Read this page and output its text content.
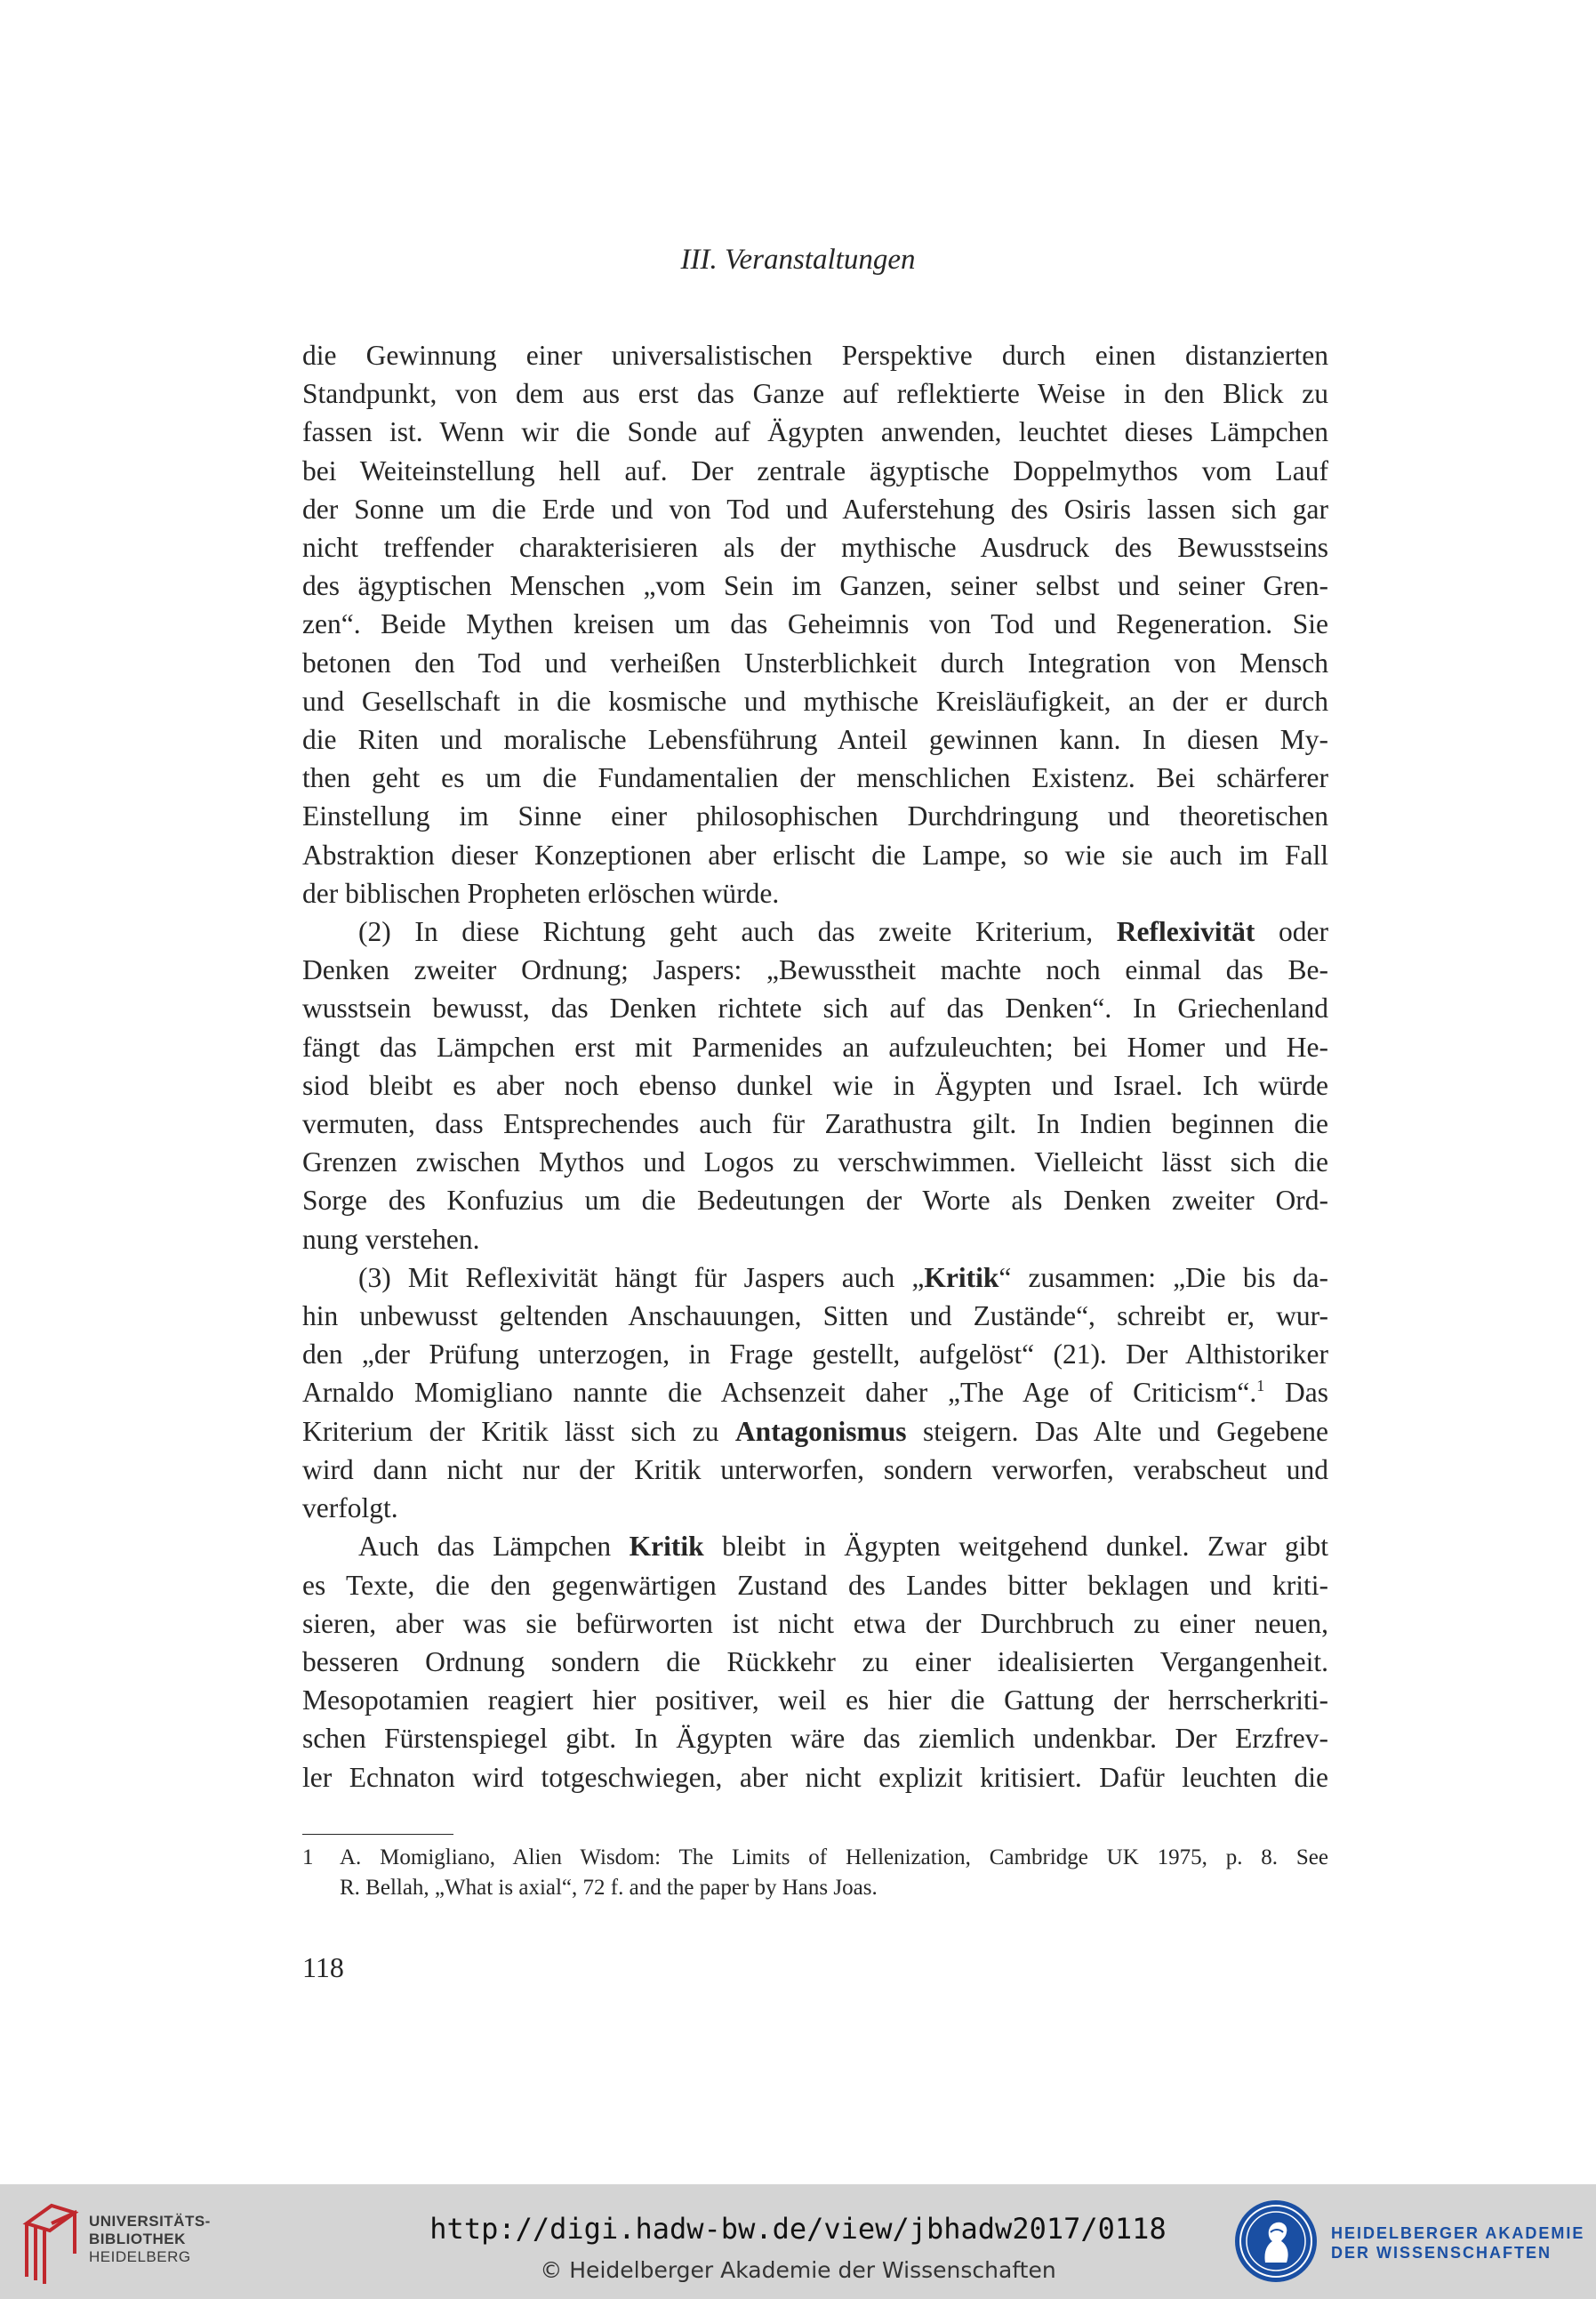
III. Veranstaltungen

die Gewinnung einer universalistischen Perspektive durch einen distanzierten

Standpunkt, von dem aus erst das Ganze auf reflektierte Weise in den Blick zu

fassen ist. Wenn wir die Sonde auf Ägypten anwenden, leuchtet dieses Lämpchen

bei Weiteinstellung hell auf. Der zentrale ägyptische Doppelmythos vom Lauf

der Sonne um die Erde und von Tod und Auferstehung des Osiris lassen sich gar

nicht treffender charakterisieren als der mythische Ausdruck des Bewusstseins

des ägyptischen Menschen „vom Sein im Ganzen, seiner selbst und seiner Gren-

zen“. Beide Mythen kreisen um das Geheimnis von Tod und Regeneration. Sie

betonen den Tod und verheißen Unsterblichkeit durch Integration von Mensch

und Gesellschaft in die kosmische und mythische Kreisläufigkeit, an der er durch

die Riten und moralische Lebensführung Anteil gewinnen kann. In diesen My-

then geht es um die Fundamentalien der menschlichen Existenz. Bei schärferer

Einstellung im Sinne einer philosophischen Durchdringung und theoretischen

Abstraktion dieser Konzeptionen aber erlischt die Lampe, so wie sie auch im Fall

der biblischen Propheten erlöschen würde.

(2) In diese Richtung geht auch das zweite Kriterium, Reflexivität oder

Denken zweiter Ordnung; Jaspers: „Bewusstheit machte noch einmal das Be-

wusstsein bewusst, das Denken richtete sich auf das Denken“. In Griechenland

fängt das Lämpchen erst mit Parmenides an aufzuleuchten; bei Homer und He-

siod bleibt es aber noch ebenso dunkel wie in Ägypten und Israel. Ich würde

vermuten, dass Entsprechendes auch für Zarathustra gilt. In Indien beginnen die

Grenzen zwischen Mythos und Logos zu verschwimmen. Vielleicht lässt sich die

Sorge des Konfuzius um die Bedeutungen der Worte als Denken zweiter Ord-

nung verstehen.

(3) Mit Reflexivität hängt für Jaspers auch „Kritik“ zusammen: „Die bis da-

hin unbewusst geltenden Anschauungen, Sitten und Zustände“, schreibt er, wur-

den „der Prüfung unterzogen, in Frage gestellt, aufgelöst“ (21). Der Althistoriker

Arnaldo Momigliano nannte die Achsenzeit daher „The Age of Criticism“.$^1$ Das

Kriterium der Kritik lässt sich zu Antagonismus steigern. Das Alte und Gegebene

wird dann nicht nur der Kritik unterworfen, sondern verworfen, verabscheut und

verfolgt.

Auch das Lämpchen Kritik bleibt in Ägypten weitgehend dunkel. Zwar gibt

es Texte, die den gegenwärtigen Zustand des Landes bitter beklagen und kriti-

sieren, aber was sie befürworten ist nicht etwa der Durchbruch zu einer neuen,

besseren Ordnung sondern die Rückkehr zu einer idealisierten Vergangenheit.

Mesopotamien reagiert hier positiver, weil es hier die Gattung der herrscherkriti-

schen Fürstenspiegel gibt. In Ägypten wäre das ziemlich undenkbar. Der Erzfrev-

ler Echnaton wird totgeschwiegen, aber nicht explizit kritisiert. Dafür leuchten die

1 A. Momigliano, Alien Wisdom: The Limits of Hellenization, Cambridge UK 1975, p. 8. See
R. Bellah, „What is axial“, 72 f. and the paper by Hans Joas.
118
UNIVERSITÄTS-
BIBLIOTHEK
HEIDELBERG
http://digi.hadw-bw.de/view/jbhadw2017/0118
© Heidelberger Akademie der Wissenschaften
HEIDELBERGER AKADEMIE
DER WISSENSCHAFTEN
